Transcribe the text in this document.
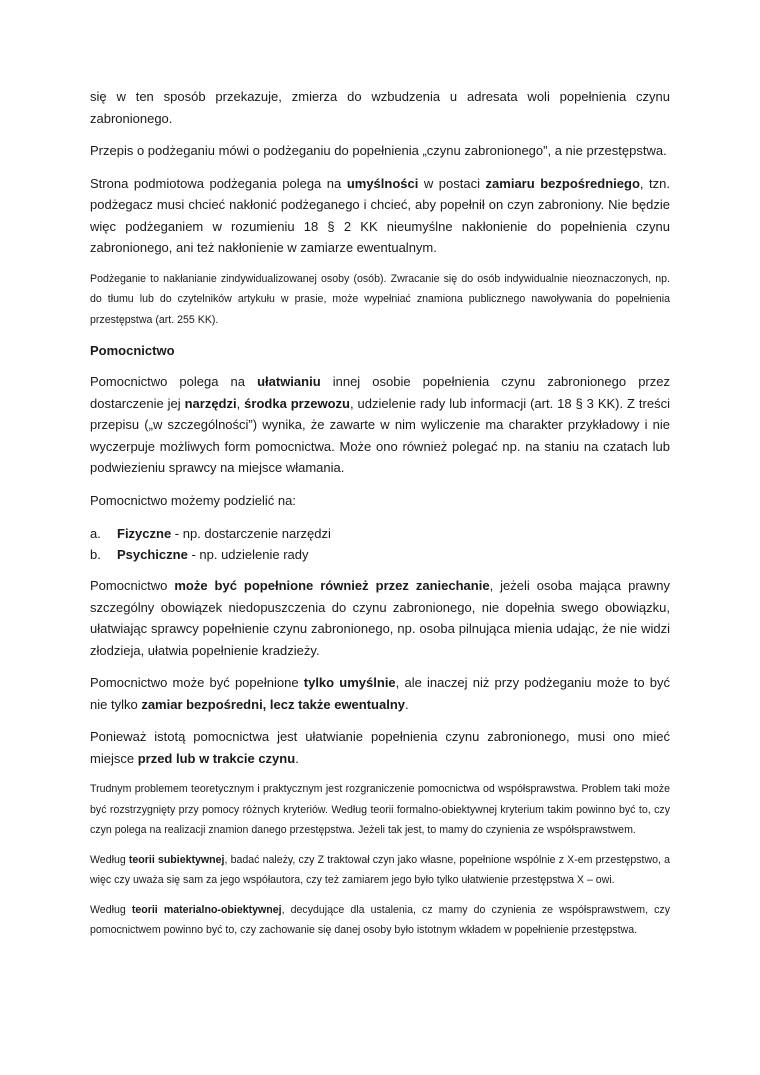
się w ten sposób przekazuje, zmierza do wzbudzenia u adresata woli popełnienia czynu zabronionego.

Przepis o podżeganiu mówi o podżeganiu do popełnienia „czynu zabronionego”, a nie przestępstwa.

Strona podmiotowa podżegania polega na umyślności w postaci zamiaru bezpośredniego, tzn. podżegacz musi chcieć nakłonić podżeganego i chcieć, aby popełnił on czyn zabroniony. Nie będzie więc podżeganiem w rozumieniu 18 § 2 KK nieumyślne nakłonienie do popełnienia czynu zabronionego, ani też nakłonienie w zamiarze ewentualnym.

Podżeganie to nakłanianie zindywidualizowanej osoby (osób). Zwracanie się do osób indywidualnie nieoznaczonych, np. do tłumu lub do czytelników artykułu w prasie, może wypełniać znamiona publicznego nawoływania do popełnienia przestępstwa (art. 255 KK).

Pomocnictwo

Pomocnictwo polega na ułatwianiu innej osobie popełnienia czynu zabronionego przez dostarczenie jej narzędzi, środka przewozu, udzielenie rady lub informacji (art. 18 § 3 KK). Z treści przepisu („w szczególności”) wynika, że zawarte w nim wyliczenie ma charakter przykładowy i nie wyczerpuje możliwych form pomocnictwa. Może ono również polegać np. na staniu na czatach lub podwiezieniu sprawcy na miejsce włamania.

Pomocnictwo możemy podzielić na:

a. Fizyczne - np. dostarczenie narzędzi
b. Psychiczne - np. udzielenie rady

Pomocnictwo może być popełnione również przez zaniechanie, jeżeli osoba mająca prawny szczególny obowiązek niedopuszczenia do czynu zabronionego, nie dopełnia swego obowiązku, ułatwiając sprawcy popełnienie czynu zabronionego, np. osoba pilnująca mienia udając, że nie widzi złodzieja, ułatwia popełnienie kradzieży.

Pomocnictwo może być popełnione tylko umyślnie, ale inaczej niż przy podżeganiu może to być nie tylko zamiar bezpośredni, lecz także ewentualny.

Ponieważ istotą pomocnictwa jest ułatwianie popełnienia czynu zabronionego, musi ono mieć miejsce przed lub w trakcie czynu.

Trudnym problemem teoretycznym i praktycznym jest rozgraniczenie pomocnictwa od współsprawstwa. Problem taki może być rozstrzygnięty przy pomocy różnych kryteriów. Według teorii formalno-obiektywnej kryterium takim powinno być to, czy czyn polega na realizacji znamion danego przestępstwa. Jeżeli tak jest, to mamy do czynienia ze współsprawstwem.

Według teorii subiektywnej, badać należy, czy Z traktował czyn jako własne, popełnione wspólnie z X-em przestępstwo, a więc czy uważa się sam za jego współautora, czy też zamiarem jego było tylko ułatwienie przestępstwa X – owi.

Według teorii materialno-obiektywnej, decydujące dla ustalenia, cz mamy do czynienia ze współsprawstwem, czy pomocnictwem powinno być to, czy zachowanie się danej osoby było istotnym wkładem w popełnienie przestępstwa.
